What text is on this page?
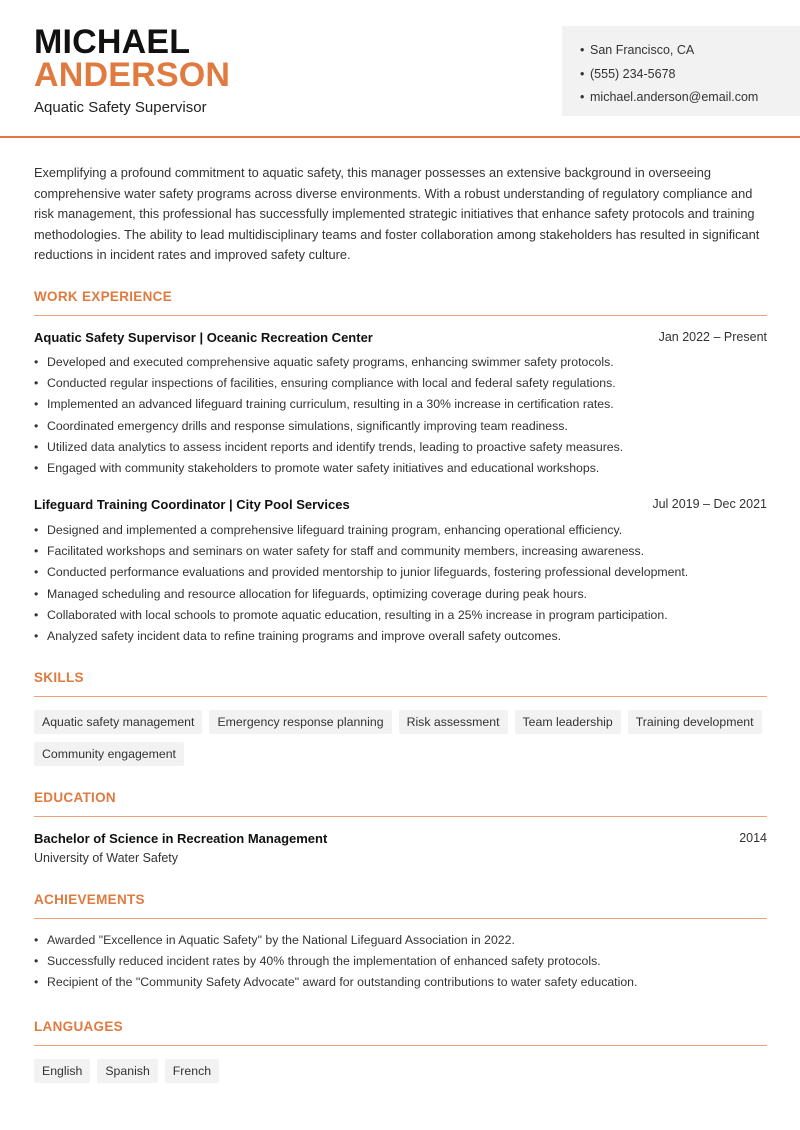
MICHAEL
ANDERSON
Aquatic Safety Supervisor
• San Francisco, CA
• (555) 234-5678
• michael.anderson@email.com

Exemplifying a profound commitment to aquatic safety, this manager possesses an extensive background in overseeing comprehensive water safety programs across diverse environments. With a robust understanding of regulatory compliance and risk management, this professional has successfully implemented strategic initiatives that enhance safety protocols and training methodologies. The ability to lead multidisciplinary teams and foster collaboration among stakeholders has resulted in significant reductions in incident rates and improved safety culture.

WORK EXPERIENCE
Aquatic Safety Supervisor | Oceanic Recreation Center	Jan 2022 – Present
• Developed and executed comprehensive aquatic safety programs, enhancing swimmer safety protocols.
• Conducted regular inspections of facilities, ensuring compliance with local and federal safety regulations.
• Implemented an advanced lifeguard training curriculum, resulting in a 30% increase in certification rates.
• Coordinated emergency drills and response simulations, significantly improving team readiness.
• Utilized data analytics to assess incident reports and identify trends, leading to proactive safety measures.
• Engaged with community stakeholders to promote water safety initiatives and educational workshops.
Lifeguard Training Coordinator | City Pool Services	Jul 2019 – Dec 2021
• Designed and implemented a comprehensive lifeguard training program, enhancing operational efficiency.
• Facilitated workshops and seminars on water safety for staff and community members, increasing awareness.
• Conducted performance evaluations and provided mentorship to junior lifeguards, fostering professional development.
• Managed scheduling and resource allocation for lifeguards, optimizing coverage during peak hours.
• Collaborated with local schools to promote aquatic education, resulting in a 25% increase in program participation.
• Analyzed safety incident data to refine training programs and improve overall safety outcomes.
SKILLS
Aquatic safety management	Emergency response planning	Risk assessment	Team leadership	Training development
Community engagement
EDUCATION
Bachelor of Science in Recreation Management	2014
University of Water Safety
ACHIEVEMENTS
• Awarded "Excellence in Aquatic Safety" by the National Lifeguard Association in 2022.
• Successfully reduced incident rates by 40% through the implementation of enhanced safety protocols.
• Recipient of the "Community Safety Advocate" award for outstanding contributions to water safety education.
LANGUAGES
English	Spanish	French
